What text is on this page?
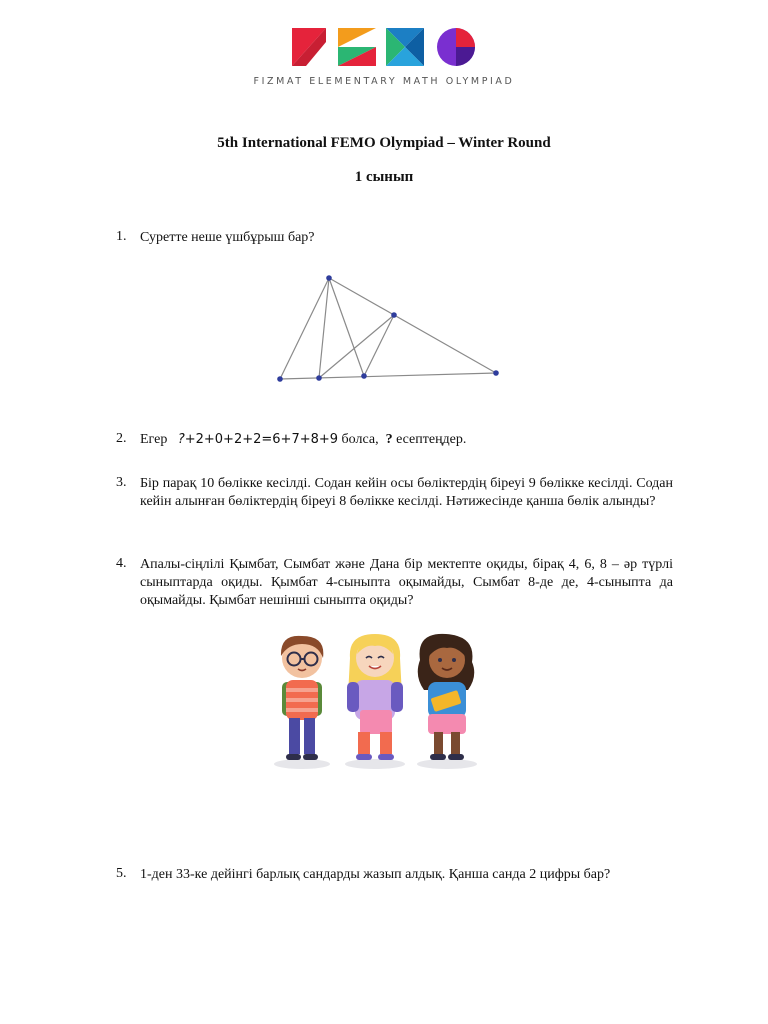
FIZMAT ELEMENTARY MATH OLYMPIAD
5th International FEMO Olympiad – Winter Round
1 сынып
1. Суретте неше үшбұрыш бар?
2. Егер ?+2+0+2+2=6+7+8+9 болса, ? есептеңдер.
3. Бір парақ 10 бөлікке кесілді. Содан кейін осы бөліктердің біреуі 9 бөлікке кесілді. Содан кейін алынған бөліктердің біреуі 8 бөлікке кесілді. Нәтижесінде қанша бөлік алынды?
4. Апалы-сіңлілі Қымбат, Сымбат және Дана бір мектепте оқиды, бірақ 4, 6, 8 – әр түрлі сыныптарда оқиды. Қымбат 4-сыныпта оқымайды, Сымбат 8-де де, 4-сыныпта да оқымайды. Қымбат нешінші сыныпта оқиды?
5. 1-ден 33-ке дейінгі барлық сандарды жазып алдық. Қанша санда 2 цифры бар?
